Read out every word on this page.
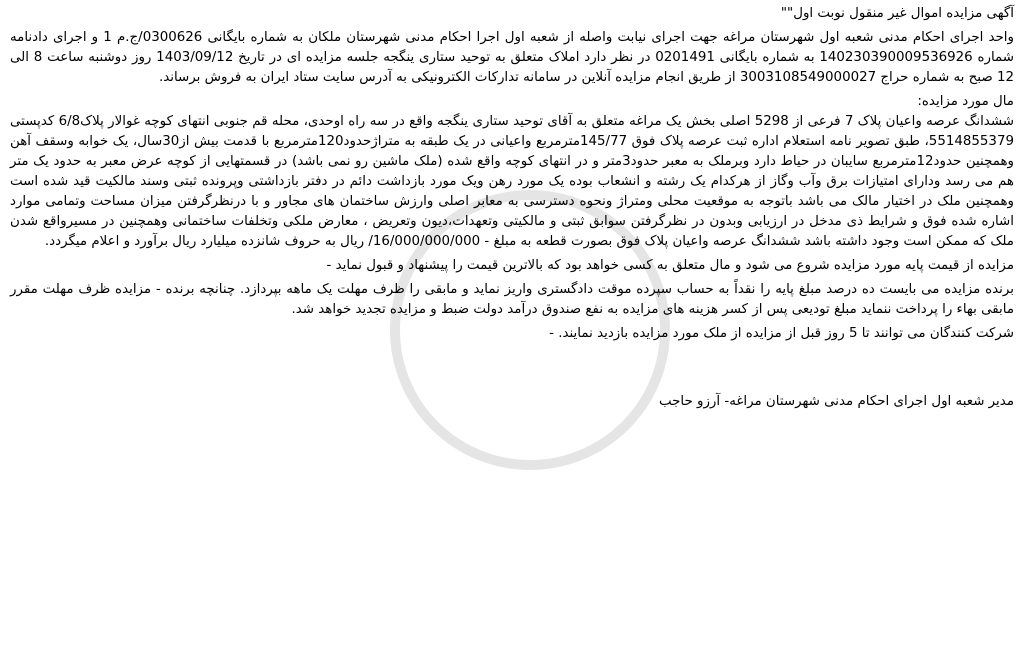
آگهی مزایده اموال غیر منقول نوبت اول""

واحد اجرای احکام مدنی شعبه اول شهرستان مراغه جهت اجرای نیابت واصله از شعبه اول اجرا احکام مدنی شهرستان ملکان به شماره بایگانی 0300626/ج.م 1 و اجرای دادنامه شماره 14023039000953692‌6 به شماره بایگانی 0201491 در نظر دارد املاک متعلق به توحید ستاری ینگجه جلسه مزایده ای در تاریخ 1403/09/12 روز دوشنبه ساعت 8 الی 12 صبح به شماره حراج 300310854900002‌7 از طریق انجام مزایده آنلاین در سامانه تدارکات الکترونیکی به آدرس سایت ستاد ایران به فروش برساند.

مال مورد مزایده:

ششدانگ عرصه واعیان پلاک 7 فرعی از 5298 اصلی بخش یک مراغه متعلق به آقای توحید ستاری ینگجه واقع در سه راه اوحدی، محله قم جنوبی انتهای کوچه غوالار پلاک6/8 کدپستی 5514855379، طبق تصویر نامه استعلام اداره ثبت عرصه پلاک فوق 145/77مترمربع واعیانی در یک طبقه به متراژحدود120مترمربع با قدمت بیش از30سال، یک خوابه وسقف آهن وهمچنین حدود12مترمربع سایبان در حیاط دارد وبرملک به معبر حدود3متر و در انتهای کوچه واقع شده (ملک ماشین رو نمی باشد) در قسمتهایی از کوچه عرض معبر به حدود یک متر هم می رسد ودارای امتیازات برق وآب وگاز از هرکدام یک رشته و انشعاب بوده یک مورد رهن ویک مورد بازداشت دائم در دفتر بازداشتی وپرونده ثبتی وسند مالکیت قید شده است وهمچنین ملک در اختیار مالک می باشد باتوجه به موقعیت محلی ومتراژ ونحوه دسترسی به معابر اصلی وارزش ساختمان های مجاور و با درنظرگرفتن میزان مساحت وتمامی موارد اشاره شده فوق و شرایط ذی مدخل در ارزیابی وبدون در نظرگرفتن سوابق ثبتی و مالکیتی وتعهدات،دیون وتعریض ، معارض ملکی وتخلفات ساختمانی وهمچنین در مسیرواقع شدن ملک که ممکن است وجود داشته باشد ششدانگ عرصه واعیان پلاک فوق بصورت قطعه به مبلغ - 16/000/000/000/ ریال به حروف شانزده میلیارد ریال برآورد و اعلام میگردد.

مزایده از قیمت پایه مورد مزایده شروع می شود و مال متعلق به کسی خواهد بود که بالاترین قیمت را پیشنهاد و قبول نماید -

برنده مزایده می بایست ده درصد مبلغ پایه را نقداً به حساب سپرده موقت دادگستری واریز نماید و مابقی را ظرف مهلت یک ماهه بپردازد. چنانچه برنده - مزایده ظرف مهلت مقرر مابقی بهاء را پرداخت ننماید مبلغ تودیعی پس از کسر هزینه های مزایده به نفع صندوق درآمد دولت ضبط و مزایده تجدید خواهد شد.

شرکت کنندگان می توانند تا 5 روز قبل از مزایده از ملک مورد مزایده بازدید نمایند. -

مدیر شعبه اول اجرای احکام مدنی شهرستان مراغه- آرزو حاجب
